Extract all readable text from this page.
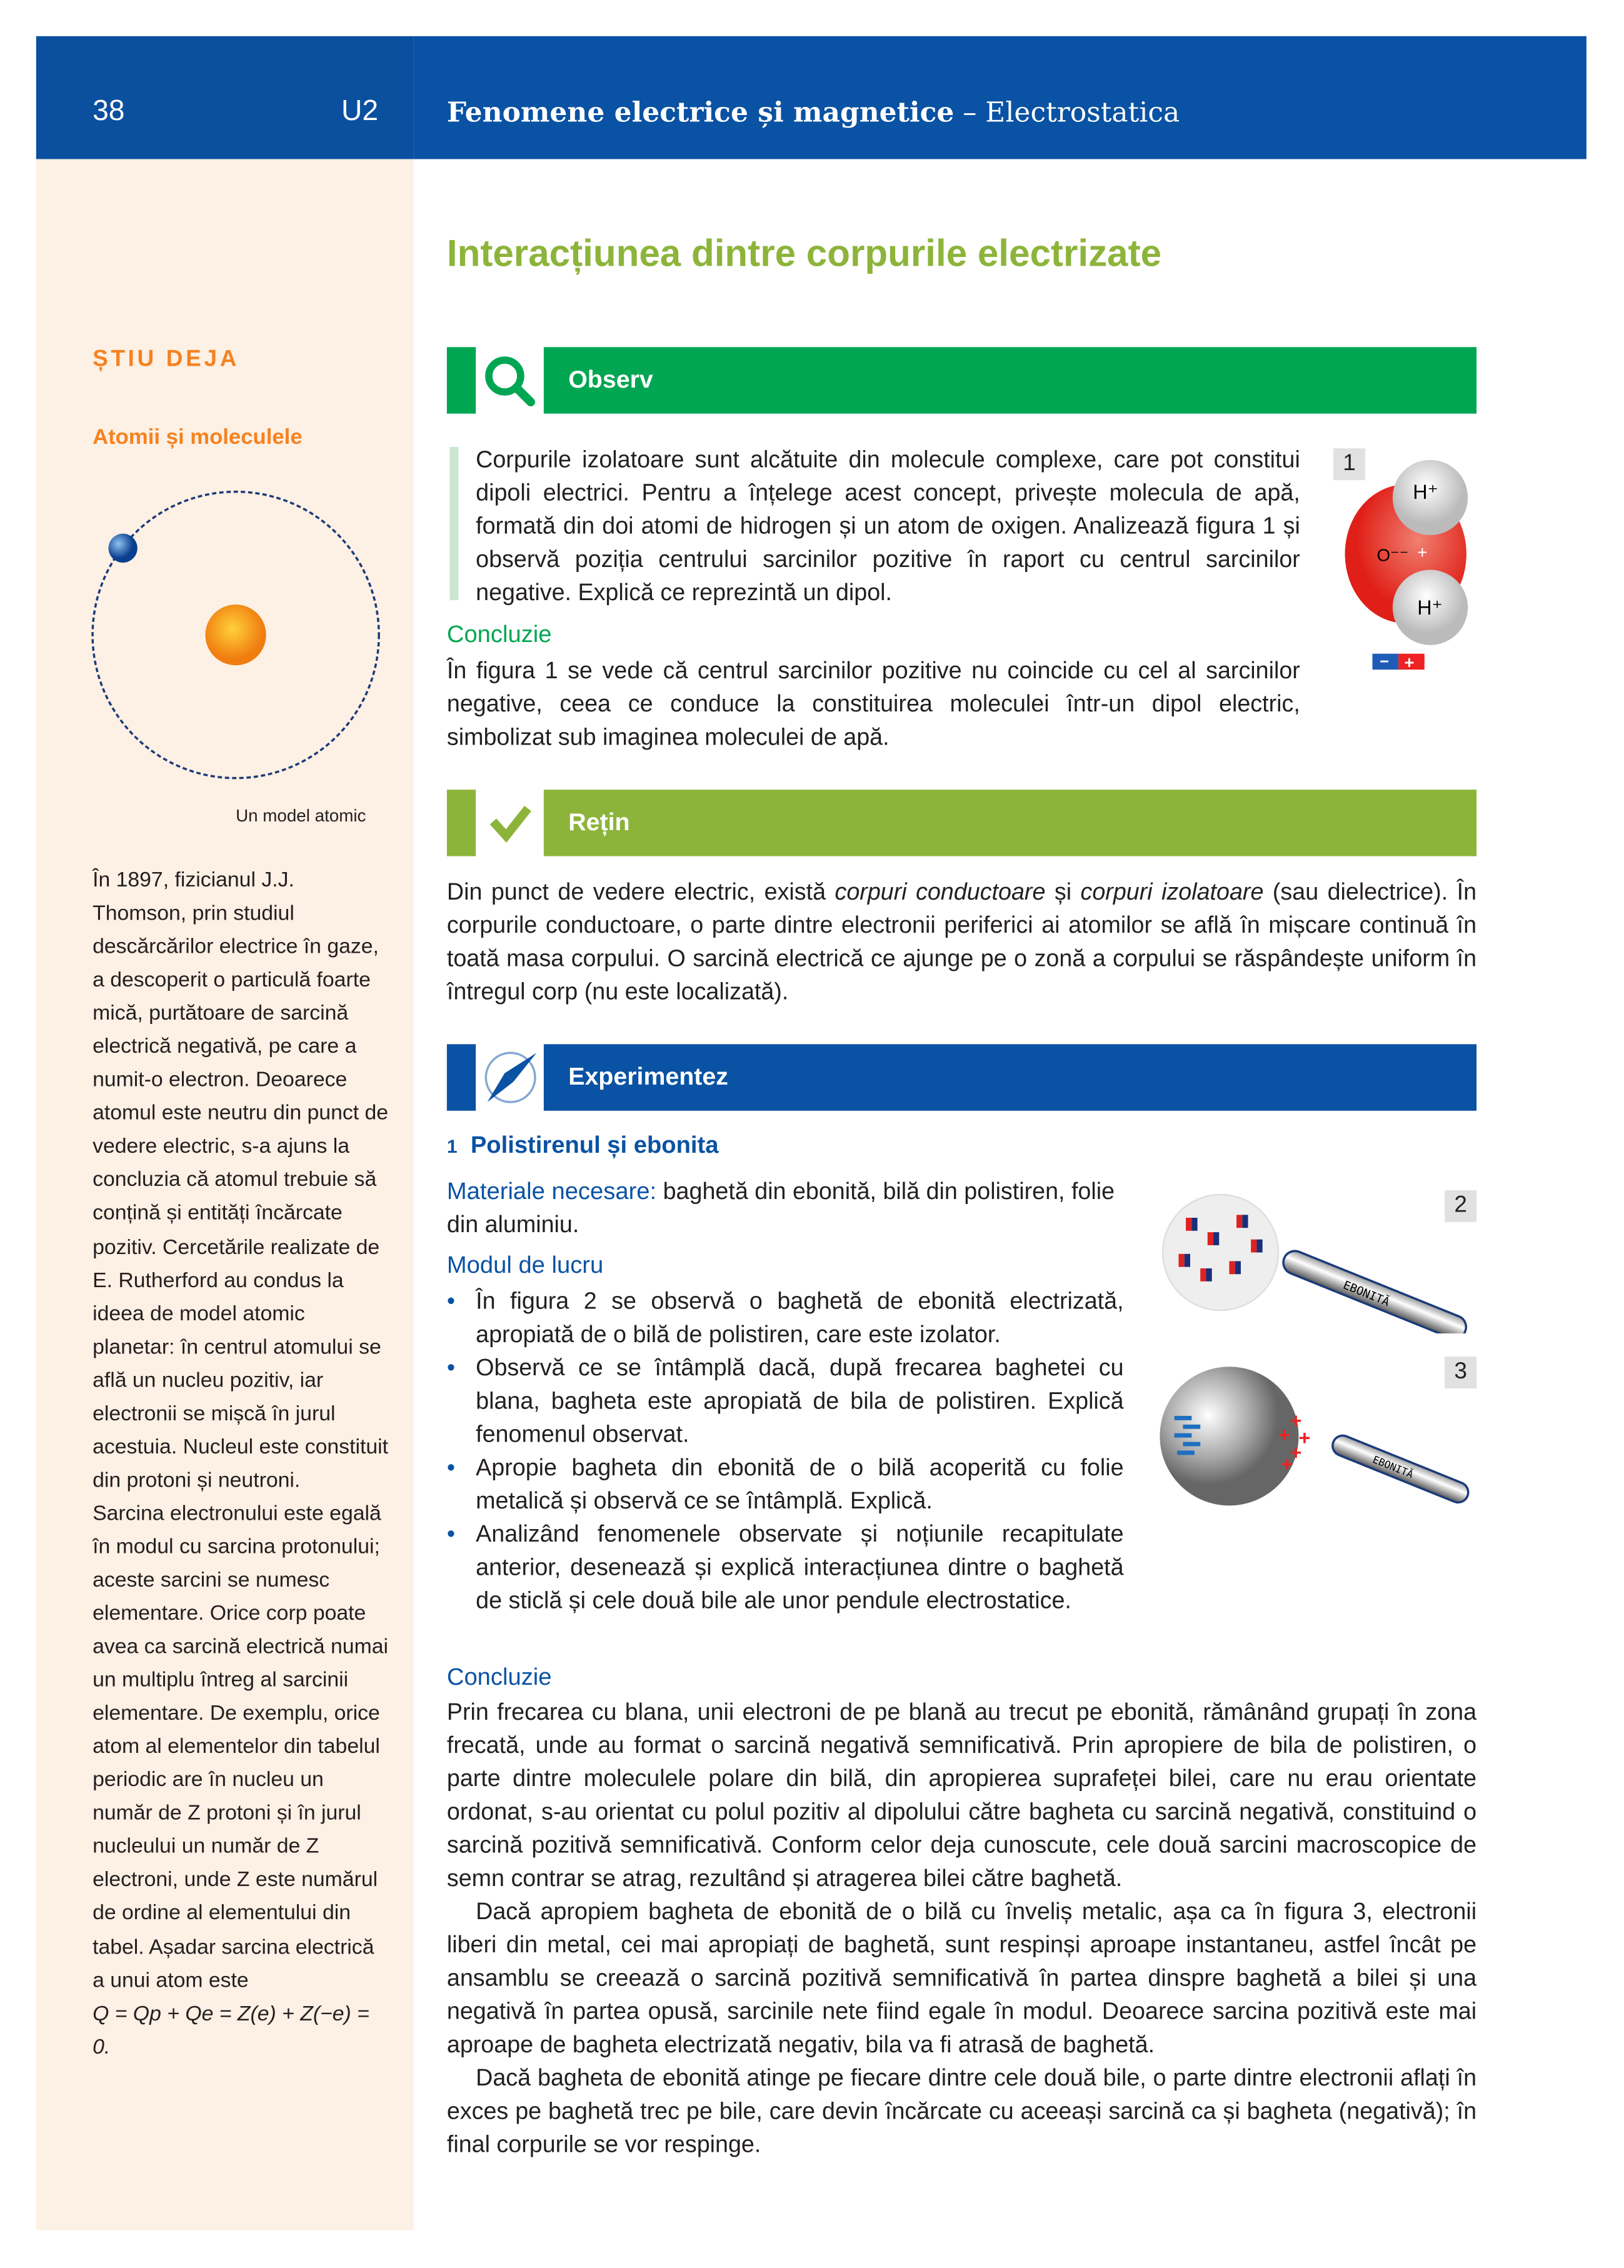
38	U2	Fenomene electrice și magnetice – Electrostatica
ȘTIU DEJA
Atomii și moleculele
Un model atomic

În 1897, fizicianul J.J. Thomson, prin studiul descărcărilor electrice în gaze, a descoperit o particulă foarte mică, purtătoare de sarcină electrică negativă, pe care a numit-o electron. Deoarece atomul este neutru din punct de vedere electric, s-a ajuns la concluzia că atomul trebuie să conțină și entități încărcate pozitiv. Cercetările realizate de E. Rutherford au condus la ideea de model atomic planetar: în centrul atomului se află un nucleu pozitiv, iar electronii se mișcă în jurul acestuia. Nucleul este constituit din protoni și neutroni.

Sarcina electronului este egală în modul cu sarcina protonului; aceste sarcini se numesc elementare. Orice corp poate avea ca sarcină electrică numai un multiplu întreg al sarcinii elementare. De exemplu, orice atom al elementelor din tabelul periodic are în nucleu un număr de Z protoni și în jurul nucleului un număr de Z electroni, unde Z este numărul de ordine al elementului din tabel. Așadar sarcina electrică a unui atom este

Q = Qp + Qe = Z(e) + Z(−e) = 0.

Interacțiunea dintre corpurile electrizate
Observ
Corpurile izolatoare sunt alcătuite din molecule complexe, care pot constitui dipoli electrici. Pentru a înțelege acest concept, privește molecula de apă, formată din doi atomi de hidrogen și un atom de oxigen. Analizează figura 1 și observă poziția centrului sarcinilor pozitive în raport cu centrul sarcinilor negative. Explică ce reprezintă un dipol.
Concluzie
În figura 1 se vede că centrul sarcinilor pozitive nu coincide cu cel al sarcinilor negative, ceea ce conduce la constituirea moleculei într-un dipol electric, simbolizat sub imaginea moleculei de apă.
1
H⁺
O⁻⁻ +
H⁺
− +
Rețin
Din punct de vedere electric, există corpuri conductoare și corpuri izolatoare (sau dielectrice). În corpurile conductoare, o parte dintre electronii periferici ai atomilor se află în mișcare continuă în toată masa corpului. O sarcină electrică ce ajunge pe o zonă a corpului se răspândește uniform în întregul corp (nu este localizată).
Experimentez
1 Polistirenul și ebonita
Materiale necesare: baghetă din ebonită, bilă din polistiren, folie din aluminiu.
Modul de lucru
• În figura 2 se observă o baghetă de ebonită electrizată, apropiată de o bilă de polistiren, care este izolator.
• Observă ce se întâmplă dacă, după frecarea baghetei cu blana, bagheta este apropiată de bila de polistiren. Explică fenomenul observat.
• Apropie bagheta din ebonită de o bilă acoperită cu folie metalică și observă ce se întâmplă. Explică.
• Analizând fenomenele observate și noțiunile recapitulate anterior, desenează și explică interacțiunea dintre o baghetă de sticlă și cele două bile ale unor pendule electrostatice.
2
3
EBONITĂ
+
+ +
+
+	EBONITĂ
Concluzie

Prin frecarea cu blana, unii electroni de pe blană au trecut pe ebonită, rămânând grupați în zona frecată, unde au format o sarcină negativă semnificativă. Prin apropiere de bila de polistiren, o parte dintre moleculele polare din bilă, din apropierea suprafeței bilei, care nu erau orientate ordonat, s-au orientat cu polul pozitiv al dipolului către bagheta cu sarcină negativă, constituind o sarcină pozitivă semnificativă. Conform celor deja cunoscute, cele două sarcini macroscopice de semn contrar se atrag, rezultând și atragerea bilei către baghetă.

Dacă apropiem bagheta de ebonită de o bilă cu înveliș metalic, așa ca în figura 3, electronii liberi din metal, cei mai apropiați de baghetă, sunt respinși aproape instantaneu, astfel încât pe ansamblu se creează o sarcină pozitivă semnificativă în partea dinspre baghetă a bilei și una negativă în partea opusă, sarcinile nete fiind egale în modul. Deoarece sarcina pozitivă este mai aproape de bagheta electrizată negativ, bila va fi atrasă de baghetă.

Dacă bagheta de ebonită atinge pe fiecare dintre cele două bile, o parte dintre electronii aflați în exces pe baghetă trec pe bile, care devin încărcate cu aceeași sarcină ca și bagheta (negativă); în final corpurile se vor respinge.
